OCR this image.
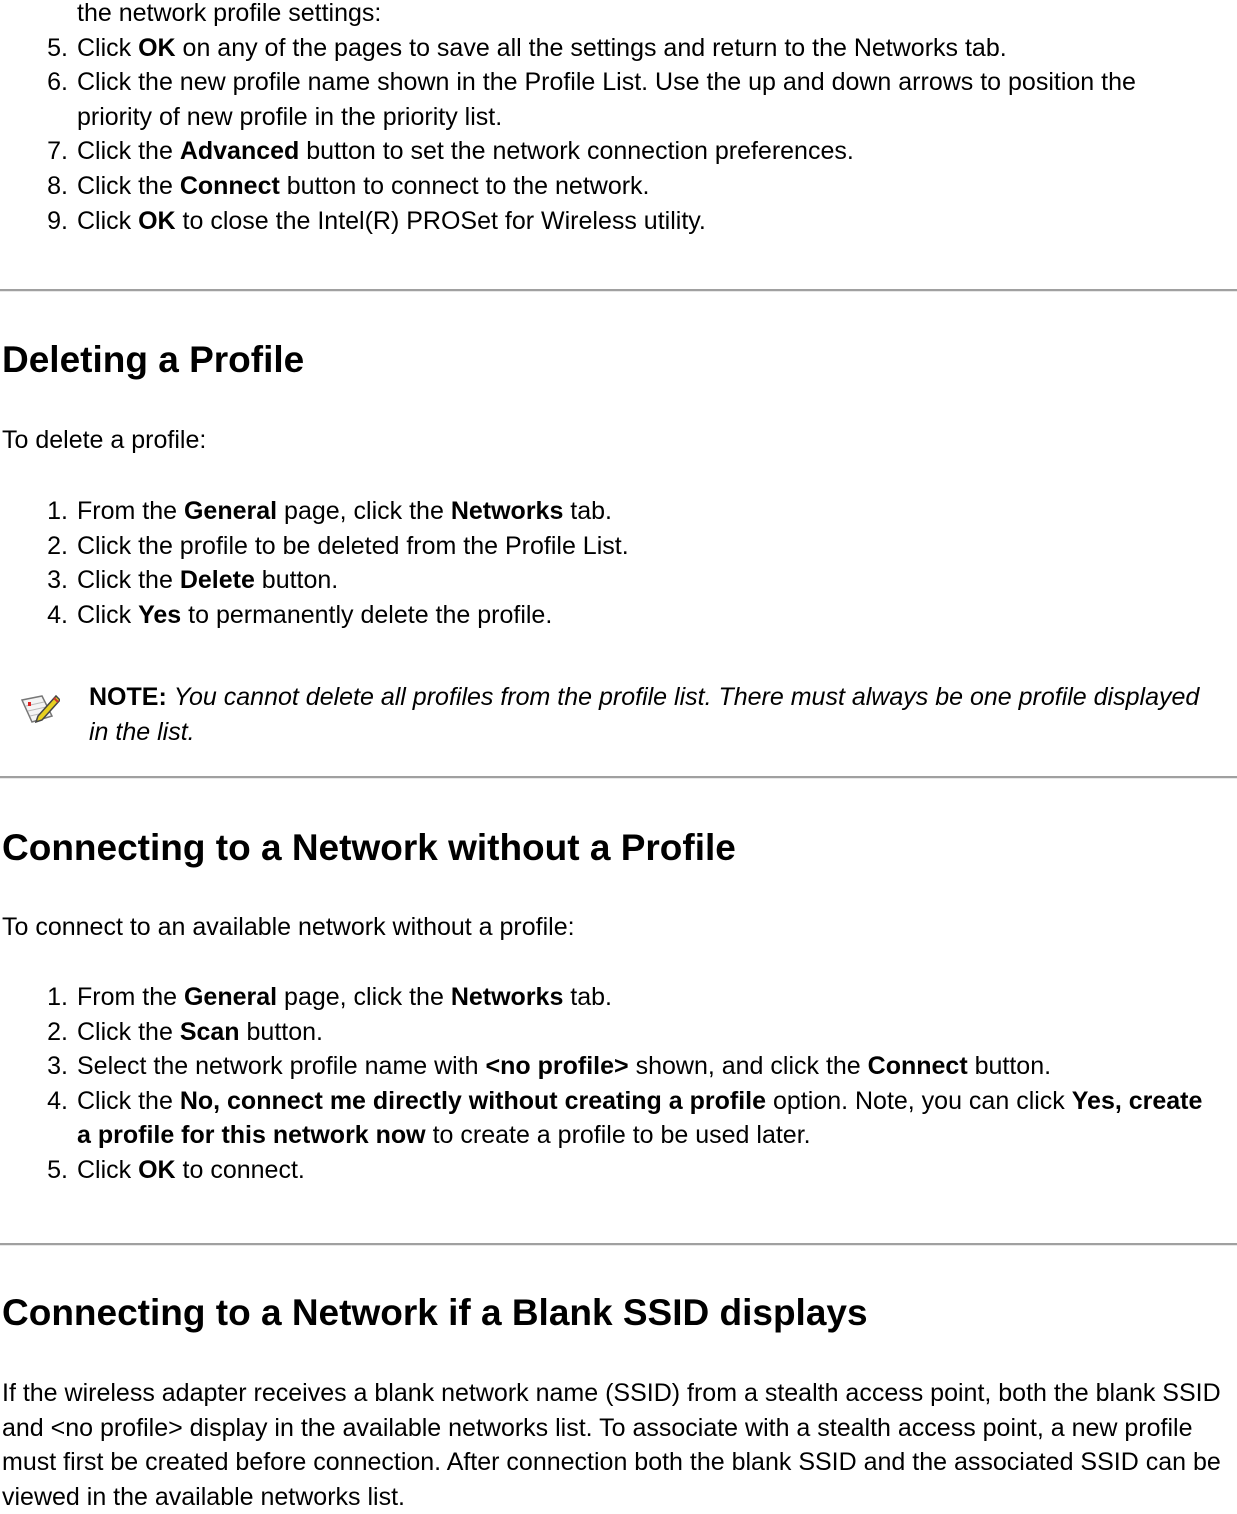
the network profile settings:
5. Click OK on any of the pages to save all the settings and return to the Networks tab.
6. Click the new profile name shown in the Profile List. Use the up and down arrows to position the priority of new profile in the priority list.
7. Click the Advanced button to set the network connection preferences.
8. Click the Connect button to connect to the network.
9. Click OK to close the Intel(R) PROSet for Wireless utility.
Deleting a Profile

To delete a profile:

1. From the General page, click the Networks tab.
2. Click the profile to be deleted from the Profile List.
3. Click the Delete button.
4. Click Yes to permanently delete the profile.
NOTE: You cannot delete all profiles from the profile list. There must always be one profile displayed in the list.
Connecting to a Network without a Profile

To connect to an available network without a profile:

1. From the General page, click the Networks tab.
2. Click the Scan button.
3. Select the network profile name with <no profile> shown, and click the Connect button.
4. Click the No, connect me directly without creating a profile option. Note, you can click Yes, create a profile for this network now to create a profile to be used later.
5. Click OK to connect.
Connecting to a Network if a Blank SSID displays

If the wireless adapter receives a blank network name (SSID) from a stealth access point, both the blank SSID and <no profile> display in the available networks list. To associate with a stealth access point, a new profile must first be created before connection. After connection both the blank SSID and the associated SSID can be viewed in the available networks list.
